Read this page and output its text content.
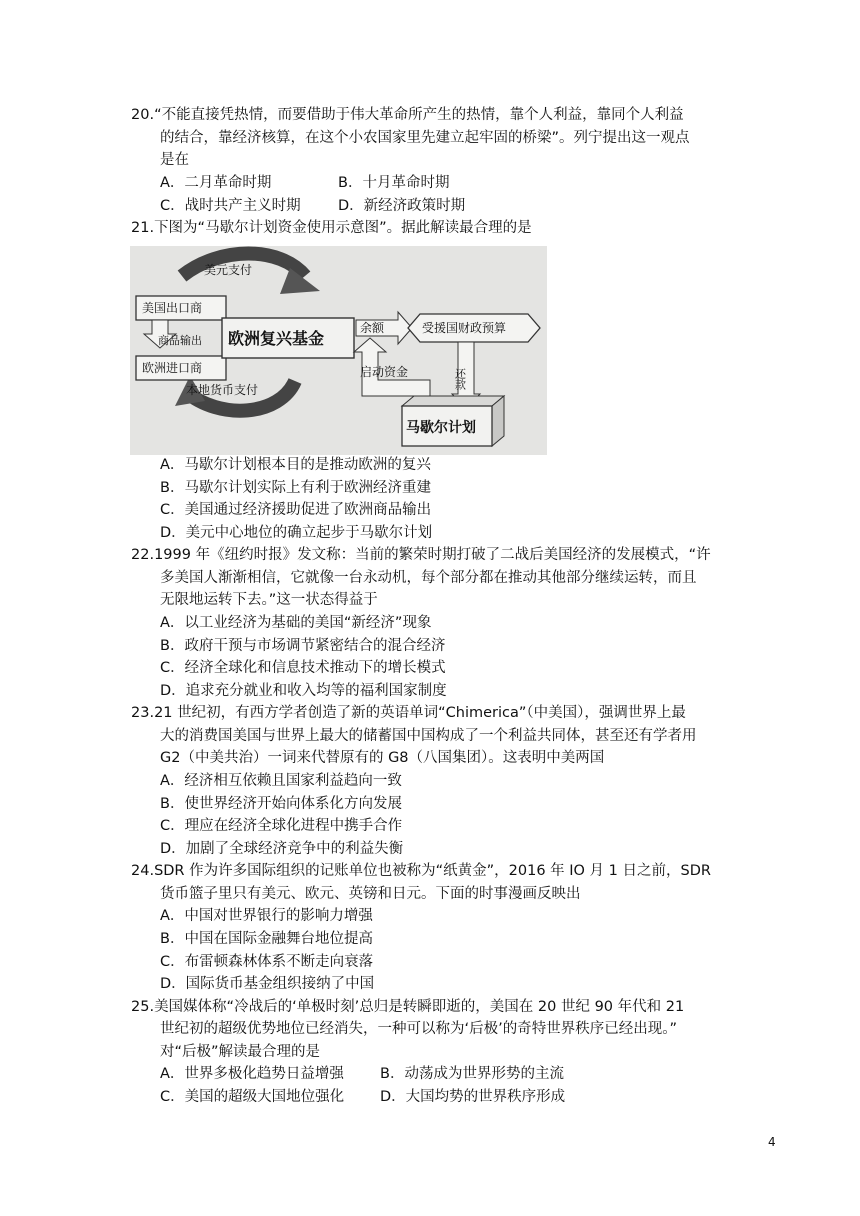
20.“不能直接凭热情，而要借助于伟大革命所产生的热情，靠个人利益，靠同个人利益
的结合，靠经济核算，在这个小农国家里先建立起牢固的桥梁”。列宁提出这一观点
是在
A．二月革命时期	B．十月革命时期
C．战时共产主义时期	D．新经济政策时期
21.下图为“马歇尔计划资金使用示意图”。据此解读最合理的是
美元支付
美国出口商
商品输出
欧洲进口商
本地货币支付
欧洲复兴基金
余额	受援国财政预算
还款
启动资金
马歇尔计划
A．马歇尔计划根本目的是推动欧洲的复兴
B．马歇尔计划实际上有利于欧洲经济重建
C．美国通过经济援助促进了欧洲商品输出
D．美元中心地位的确立起步于马歇尔计划
22.1999 年《纽约时报》发文称：当前的繁荣时期打破了二战后美国经济的发展模式，“许
多美国人渐渐相信，它就像一台永动机，每个部分都在推动其他部分继续运转，而且
无限地运转下去。”这一状态得益于
A．以工业经济为基础的美国“新经济”现象
B．政府干预与市场调节紧密结合的混合经济
C．经济全球化和信息技术推动下的增长模式
D．追求充分就业和收入均等的福利国家制度
23.21 世纪初，有西方学者创造了新的英语单词“Chimerica”（中美国），强调世界上最
大的消费国美国与世界上最大的储蓄国中国构成了一个利益共同体，甚至还有学者用
G2（中美共治）一词来代替原有的 G8（八国集团）。这表明中美两国
A．经济相互依赖且国家利益趋向一致
B．使世界经济开始向体系化方向发展
C．理应在经济全球化进程中携手合作
D．加剧了全球经济竞争中的利益失衡
24.SDR 作为许多国际组织的记账单位也被称为“纸黄金”，2016 年 IO 月 1 日之前，SDR
货币篮子里只有美元、欧元、英镑和日元。下面的时事漫画反映出
A．中国对世界银行的影响力增强
B．中国在国际金融舞台地位提高
C．布雷顿森林体系不断走向衰落
D．国际货币基金组织接纳了中国
25.美国媒体称“冷战后的‘单极时刻’总归是转瞬即逝的，美国在 20 世纪 90 年代和 21
世纪初的超级优势地位已经消失，一种可以称为‘后极’的奇特世界秩序已经出现。”
对“后极”解读最合理的是
A．世界多极化趋势日益增强 B．动荡成为世界形势的主流
C．美国的超级大国地位强化 D．大国均势的世界秩序形成
4
